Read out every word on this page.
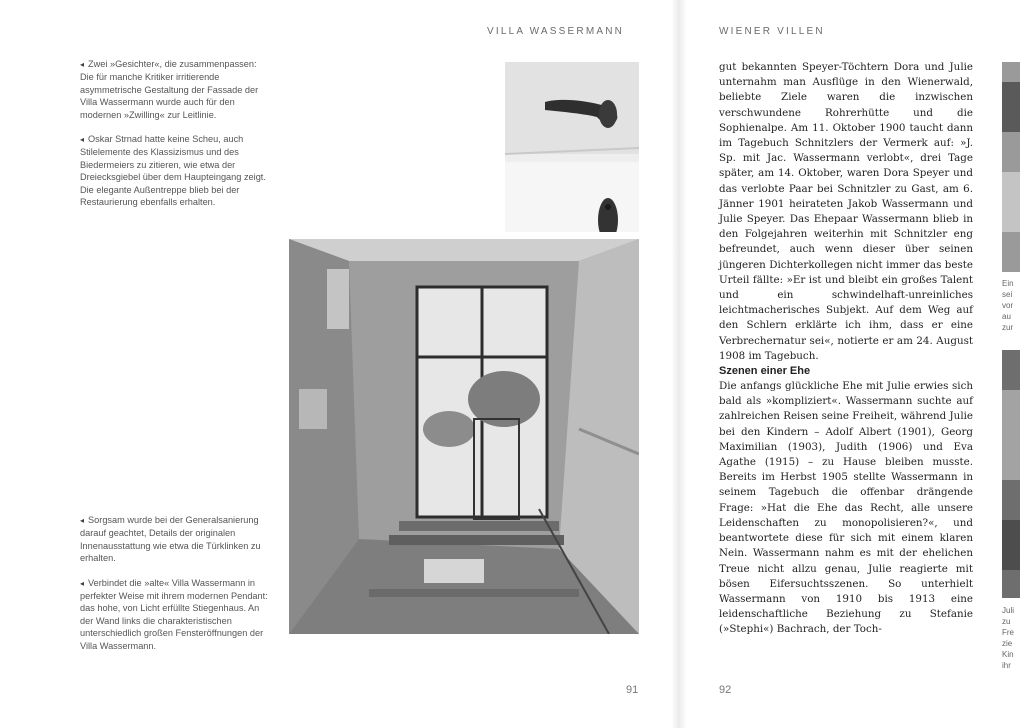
VILLA WASSERMANN

◂ Zwei »Gesichter«, die zusammenpassen: Die für manche Kritiker irritierende asymmetrische Gestaltung der Fassade der Villa Wassermann wurde auch für den modernen »Zwilling« zur Leitlinie.

◂ Oskar Strnad hatte keine Scheu, auch Stilelemente des Klassizismus und des Biedermeiers zu zitieren, wie etwa der Dreiecksgiebel über dem Haupteingang zeigt. Die elegante Außentreppe blieb bei der Restaurierung ebenfalls erhalten.

◂ Sorgsam wurde bei der Generalsanierung darauf geachtet, Details der originalen Innenausstattung wie etwa die Türklinken zu erhalten.

◂ Verbindet die »alte« Villa Wassermann in perfekter Weise mit ihrem modernen Pendant: das hohe, von Licht erfüllte Stiegenhaus. An der Wand links die charakteristischen unterschiedlich großen Fensteröffnungen der Villa Wassermann.

91
WIENER VILLEN

gut bekannten Speyer-Töchtern Dora und Julie unternahm man Ausflüge in den Wienerwald, beliebte Ziele waren die inzwischen verschwundene Rohrerhütte und die Sophienalpe. Am 11. Oktober 1900 taucht dann im Tagebuch Schnitzlers der Vermerk auf: »J. Sp. mit Jac. Wassermann verlobt«, drei Tage später, am 14. Oktober, waren Dora Speyer und das verlobte Paar bei Schnitzler zu Gast, am 6. Jänner 1901 heirateten Jakob Wassermann und Julie Speyer. Das Ehepaar Wassermann blieb in den Folgejahren weiterhin mit Schnitzler eng befreundet, auch wenn dieser über seinen jüngeren Dichterkollegen nicht immer das beste Urteil fällte: »Er ist und bleibt ein großes Talent und ein schwindelhaft-unreinliches leichtmacherisches Subjekt. Auf dem Weg auf den Schlern erklärte ich ihm, dass er eine Verbrechernatur sei«, notierte er am 24. August 1908 im Tagebuch.

Szenen einer Ehe

Die anfangs glückliche Ehe mit Julie erwies sich bald als »kompliziert«. Wassermann suchte auf zahlreichen Reisen seine Freiheit, während Julie bei den Kindern – Adolf Albert (1901), Georg Maximilian (1903), Judith (1906) und Eva Agathe (1915) – zu Hause bleiben musste. Bereits im Herbst 1905 stellte Wassermann in seinem Tagebuch die offenbar drängende Frage: »Hat die Ehe das Recht, alle unsere Leidenschaften zu monopolisieren?«, und beantwortete diese für sich mit einem klaren Nein. Wassermann nahm es mit der ehelichen Treue nicht allzu genau, Julie reagierte mit bösen Eifersuchtsszenen. So unterhielt Wassermann von 1910 bis 1913 eine leidenschaftliche Beziehung zu Stefanie (»Stephi«) Bachrach, der Toch-

Ein
sei
vor
au
zur
Juli
zu
Fre
zie
Kin
ihr
92
